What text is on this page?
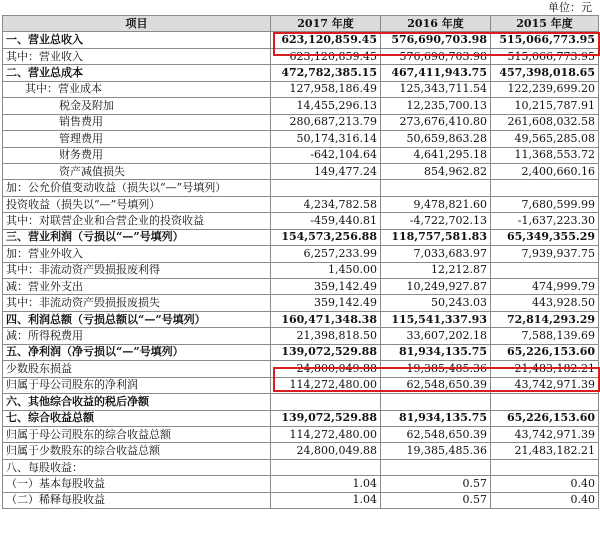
单位：元
项目	2017 年度	2016 年度	2015 年度
一、营业总收入	623,120,859.45	576,690,703.98	515,066,773.95
其中：营业收入	623,120,859.45	576,690,703.98	515,066,773.95
二、营业总成本	472,782,385.15	467,411,943.75	457,398,018.65
其中：营业成本	127,958,186.49	125,343,711.54	122,239,699.20
税金及附加	14,455,296.13	12,235,700.13	10,215,787.91
销售费用	280,687,213.79	273,676,410.80	261,608,032.58
管理费用	50,174,316.14	50,659,863.28	49,565,285.08
财务费用	-642,104.64	4,641,295.18	11,368,553.72
资产减值损失	149,477.24	854,962.82	2,400,660.16
加：公允价值变动收益（损失以“—”号填列）			
投资收益（损失以“—”号填列）	4,234,782.58	9,478,821.60	7,680,599.99
其中：对联营企业和合营企业的投资收益	-459,440.81	-4,722,702.13	-1,637,223.30
三、营业利润（亏损以“—”号填列）	154,573,256.88	118,757,581.83	65,349,355.29
加：营业外收入	6,257,233.99	7,033,683.97	7,939,937.75
其中：非流动资产毁损报废利得	1,450.00	12,212.87	
减：营业外支出	359,142.49	10,249,927.87	474,999.79
其中：非流动资产毁损报废损失	359,142.49	50,243.03	443,928.50
四、利润总额（亏损总额以“—”号填列）	160,471,348.38	115,541,337.93	72,814,293.29
减：所得税费用	21,398,818.50	33,607,202.18	7,588,139.69
五、净利润（净亏损以“—”号填列）	139,072,529.88	81,934,135.75	65,226,153.60
少数股东损益	24,800,049.88	19,385,485.36	21,483,182.21
归属于母公司股东的净利润	114,272,480.00	62,548,650.39	43,742,971.39
六、其他综合收益的税后净额			
七、综合收益总额	139,072,529.88	81,934,135.75	65,226,153.60
归属于母公司股东的综合收益总额	114,272,480.00	62,548,650.39	43,742,971.39
归属于少数股东的综合收益总额	24,800,049.88	19,385,485.36	21,483,182.21
八、每股收益：			
（一）基本每股收益	1.04	0.57	0.40
（二）稀释每股收益	1.04	0.57	0.40
